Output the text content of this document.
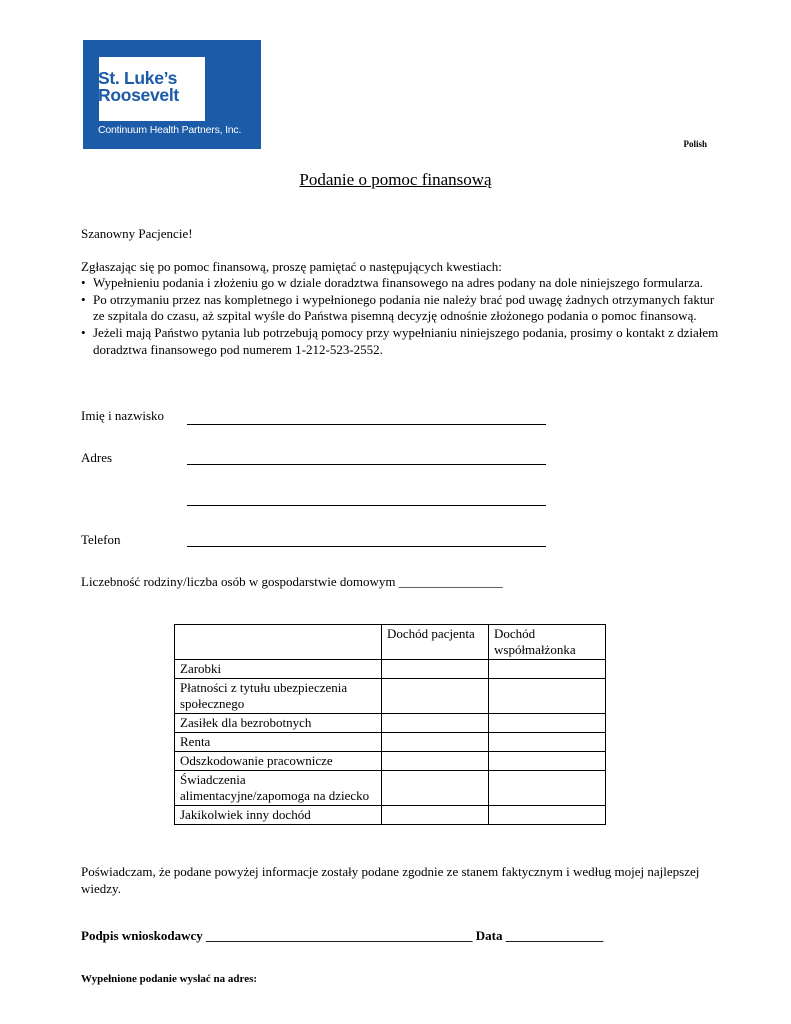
St. Luke’s
Roosevelt
Continuum Health Partners, Inc.
Polish
Podanie o pomoc finansową
Szanowny Pacjencie!
Zgłaszając się po pomoc finansową, proszę pamiętać o następujących kwestiach:
• Wypełnieniu podania i złożeniu go w dziale doradztwa finansowego na adres podany na dole niniejszego formularza.
• Po otrzymaniu przez nas kompletnego i wypełnionego podania nie należy brać pod uwagę żadnych otrzymanych faktur ze szpitala do czasu, aż szpital wyśle do Państwa pisemną decyzję odnośnie złożonego podania o pomoc finansową.
• Jeżeli mają Państwo pytania lub potrzebują pomocy przy wypełnianiu niniejszego podania, prosimy o kontakt z działem doradztwa finansowego pod numerem 1-212-523-2552.
Imię i nazwisko
Adres
Telefon
Liczebność rodziny/liczba osób w gospodarstwie domowym ________________
	Dochód pacjenta	Dochód współmałżonka
Zarobki		
Płatności z tytułu ubezpieczenia społecznego		
Zasiłek dla bezrobotnych		
Renta		
Odszkodowanie pracownicze		
Świadczenia alimentacyjne/zapomoga na dziecko		
Jakikolwiek inny dochód		
Poświadczam, że podane powyżej informacje zostały podane zgodnie ze stanem faktycznym i według mojej najlepszej wiedzy.
Podpis wnioskodawcy _________________________________________ Data _______________
Wypełnione podanie wysłać na adres:
